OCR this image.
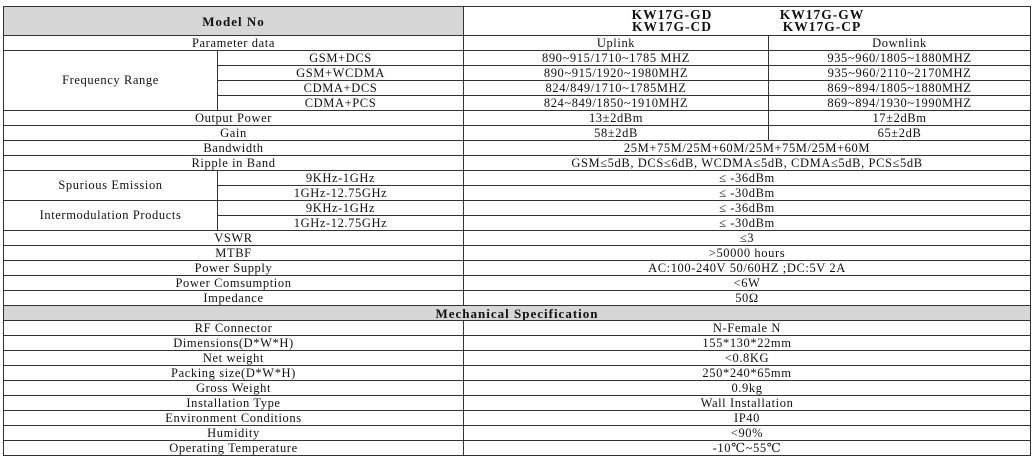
Model No		KW17G-GD KW17G-GW
KW17G-CD KW17G-CP	

Parameter data		Uplink	Downlink
Frequency Range	GSM+DCS	890~915/1710~1785 MHZ	935~960/1805~1880MHZ
	GSM+WCDMA	890~915/1920~1980MHZ	935~960/2110~2170MHZ
	CDMA+DCS	824/849/1710~1785MHZ	869~894/1805~1880MHZ
	CDMA+PCS	824~849/1850~1910MHZ	869~894/1930~1990MHZ
Output Power		13±2dBm	17±2dBm
Gain		58±2dB	65±2dB
Bandwidth		25M+75M/25M+60M/25M+75M/25M+60M	
Ripple in Band		GSM≤5dB, DCS≤6dB, WCDMA≤5dB, CDMA≤5dB, PCS≤5dB	
Spurious Emission	9KHz-1GHz	≤ -36dBm	
	1GHz-12.75GHz	≤ -30dBm	
Intermodulation Products	9KHz-1GHz	≤ -36dBm	
	1GHz-12.75GHz	≤ -30dBm	
VSWR		≤3	
MTBF		>50000 hours	
Power Supply		AC:100-240V 50/60HZ ;DC:5V 2A	
Power Comsumption		<6W	
Impedance		50Ω	
Mechanical Specification			
RF Connector		N-Female N	
Dimensions(D*W*H)		155*130*22mm	
Net weight		<0.8KG	
Packing size(D*W*H)		250*240*65mm	
Gross Weight		0.9kg	
Installation Type		Wall Installation	
Environment Conditions		IP40	
Humidity		<90%	
Operating Temperature		-10℃~55℃	
